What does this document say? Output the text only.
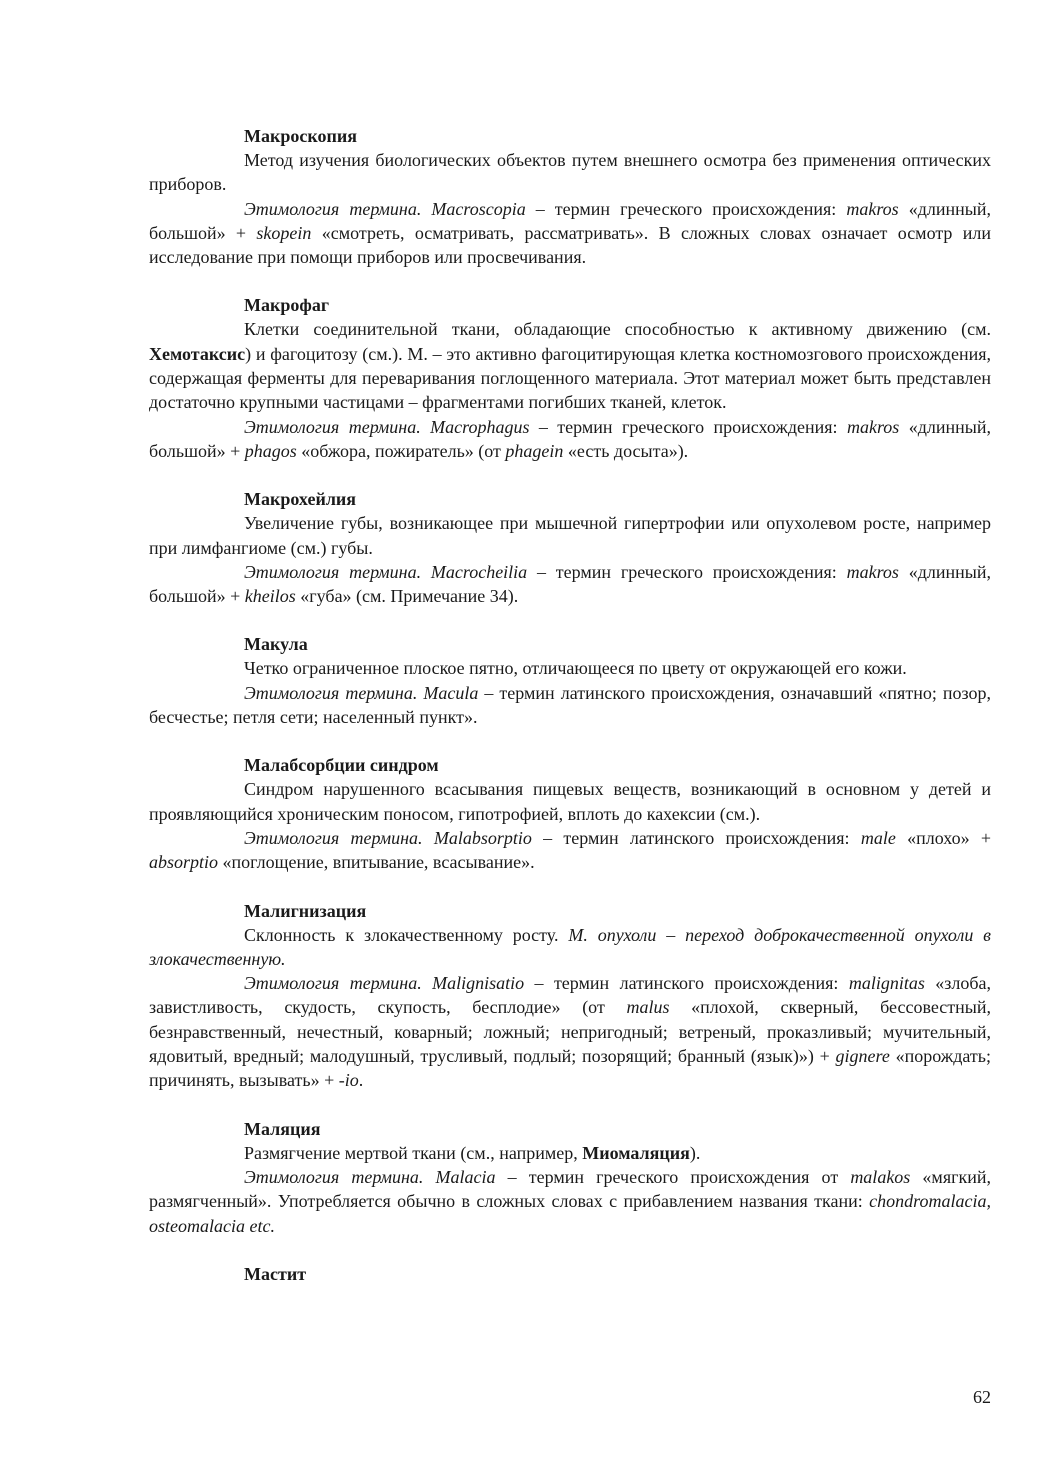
Макроскопия

Метод изучения биологических объектов путем внешнего осмотра без применения оптических приборов.

Этимология термина. Macroscopia – термин греческого происхождения: makros «длинный, большой» + skopein «смотреть, осматривать, рассматривать». В сложных словах означает осмотр или исследование при помощи приборов или просвечивания.

Макрофаг

Клетки соединительной ткани, обладающие способностью к активному движению (см. Хемотаксис) и фагоцитозу (см.). М. – это активно фагоцитирующая клетка костномозгового происхождения, содержащая ферменты для переваривания поглощенного материала. Этот материал может быть представлен достаточно крупными частицами – фрагментами погибших тканей, клеток.

Этимология термина. Macrophagus – термин греческого происхождения: makros «длинный, большой» + phagos «обжора, пожиратель» (от phagein «есть досыта»).

Макрохейлия

Увеличение губы, возникающее при мышечной гипертрофии или опухолевом росте, например при лимфангиоме (см.) губы.

Этимология термина. Macrocheilia – термин греческого происхождения: makros «длинный, большой» + kheilos «губа» (см. Примечание 34).

Макула

Четко ограниченное плоское пятно, отличающееся по цвету от окружающей его кожи.

Этимология термина. Macula – термин латинского происхождения, означавший «пятно; позор, бесчестье; петля сети; населенный пункт».

Малабсорбции синдром

Синдром нарушенного всасывания пищевых веществ, возникающий в основном у детей и проявляющийся хроническим поносом, гипотрофией, вплоть до кахексии (см.).

Этимология термина. Malabsorptio – термин латинского происхождения: male «плохо» + absorptio «поглощение, впитывание, всасывание».

Малигнизация

Склонность к злокачественному росту. М. опухоли – переход доброкачественной опухоли в злокачественную.

Этимология термина. Malignisatio – термин латинского происхождения: malignitas «злоба, завистливость, скудость, скупость, бесплодие» (от malus «плохой, скверный, бессовестный, безнравственный, нечестный, коварный; ложный; непригодный; ветреный, проказливый; мучительный, ядовитый, вредный; малодушный, трусливый, подлый; позорящий; бранный (язык)») + gignere «порождать; причинять, вызывать» + -io.

Маляция

Размягчение мертвой ткани (см., например, Миомаляция).

Этимология термина. Malacia – термин греческого происхождения от malakos «мягкий, размягченный». Употребляется обычно в сложных словах с прибавлением названия ткани: chondromalacia, osteomalacia etc.

Мастит

62
